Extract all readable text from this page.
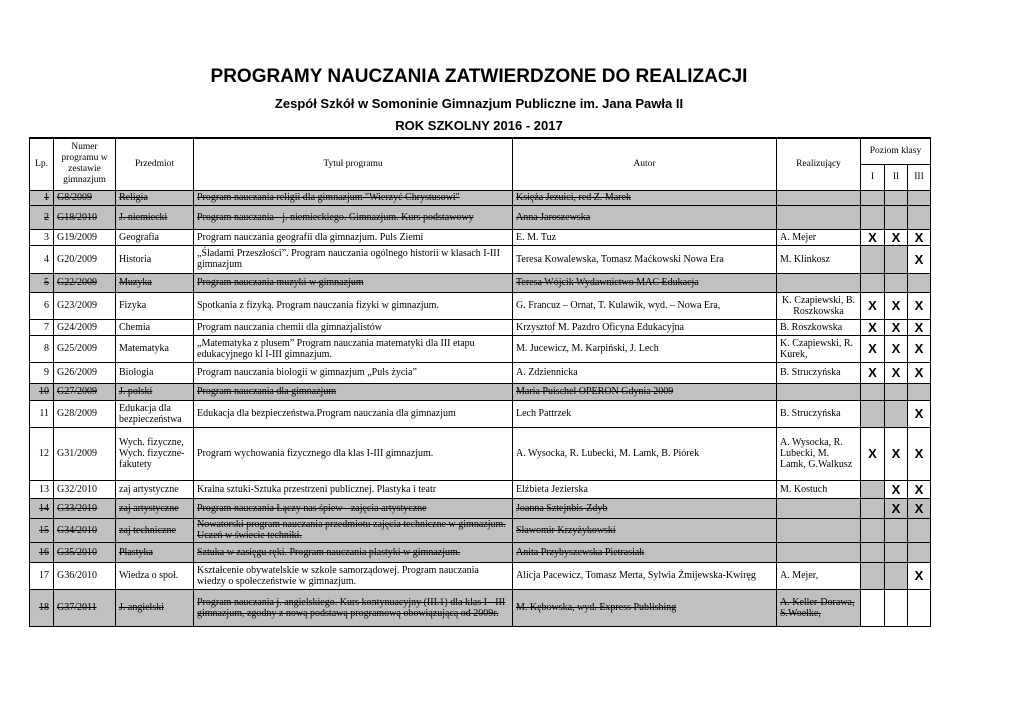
PROGRAMY NAUCZANIA ZATWIERDZONE DO REALIZACJI
Zespół Szkół w Somoninie Gimnazjum Publiczne im. Jana Pawła II
ROK SZKOLNY 2016 - 2017
Lp.	Numer programu w zestawie gimnazjum	Przedmiot	Tytuł programu	Autor	Realizujący	Poziom klasy		
						I	II	III
1	G8/2009	Religia	Program nauczania religii dla gimnazjum "Wierzyć Chrystusowi"	Księża Jezuici, red Z. Marek				
2	G18/2010	J. niemiecki	Program nauczania - j. niemieckiego. Gimnazjum. Kurs podstawowy	Anna Jaroszewska				
3	G19/2009	Geografia	Program nauczania geografii dla gimnazjum. Puls Ziemi	E. M. Tuz	A. Mejer	X	X	X
4	G20/2009	Historia	„Śladami Przeszłości”. Program nauczania ogólnego historii w klasach I-III gimnazjum	Teresa Kowalewska, Tomasz Maćkowski Nowa Era	M. Klinkosz			X
5	G22/2009	Muzyka	Program nauczania muzyki w gimnazjum	Teresa Wójcik Wydawnictwo MAC Edukacja				
6	G23/2009	Fizyka	Spotkania z fizyką. Program nauczania fizyki w gimnazjum.	G. Francuz – Ornat, T. Kulawik, wyd. – Nowa Era,	K. Czapiewski, B. Roszkowska	X	X	X
7	G24/2009	Chemia	Program nauczania chemii dla gimnazjalistów	Krzysztof M. Pazdro Oficyna Edukacyjna	B. Roszkowska	X	X	X
8	G25/2009	Matematyka	„Matematyka z plusem” Program nauczania matematyki dla III etapu edukacyjnego kl I-III gimnazjum.	M. Jucewicz, M. Karpiński, J. Lech	K. Czapiewski, R. Kurek,	X	X	X
9	G26/2009	Biologia	Program nauczania biologii w gimnazjum „Puls życia”	A. Zdziennicka	B. Struczyńska	X	X	X
10	G27/2009	J. polski	Program nauczania dla gimnazjum	Maria Puischel OPERON Gdynia 2009				
11	G28/2009	Edukacja dla bezpieczeństwa	Edukacja dla bezpieczeństwa.Program nauczania dla gimnazjum	Lech Pattrzek	B. Struczyńska			X
12	G31/2009	Wych. fizyczne, Wych. fizyczne-fakutety	Program wychowania fizycznego dla klas I-III gimnazjum.	A. Wysocka, R. Lubecki, M. Lamk, B. Piórek	A. Wysocka, R. Lubecki, M. Lamk, G.Walkusz	X	X	X
13	G32/2010	zaj artystyczne	Kraina sztuki-Sztuka przestrzeni publicznej. Plastyka i teatr	Elżbieta Jezierska	M. Kostuch		X	X
14	G33/2010	zaj artystyczne	Program nauczania Łączy nas śpiew - zajęcia artystyczne	Joanna Sztejnbis-Zdyb			X	X
15	G34/2010	zaj techniczne	Nowatorski program nauczania przedmiotu zajęcia techniczne w gimnazjum. Uczeń w świecie techniki.	Sławomir Krzyżykowski				
16	G35/2010	Plastyka	Sztuka w zasięgu ręki. Program nauczania plastyki w gimnazjum.	Anita Przybyszewska Pietrasiak				
17	G36/2010	Wiedza o społ.	Kształcenie obywatelskie w szkole samorządowej. Program nauczania wiedzy o społeczeństwie w gimnazjum.	Alicja Pacewicz, Tomasz Merta, Sylwia Żmijewska-Kwiręg	A. Mejer,			X
18	G37/2011	J. angielski	Program nauczania j. angielskiego. Kurs kontynuacyjny (III.1) dla klas I - III gimnazjum, zgodny z nową podstawą programową obowiązującą od 2009r.	M. Kębowska, wyd. Express Publishing	A. Keller-Dorawa, S.Woelke,			
